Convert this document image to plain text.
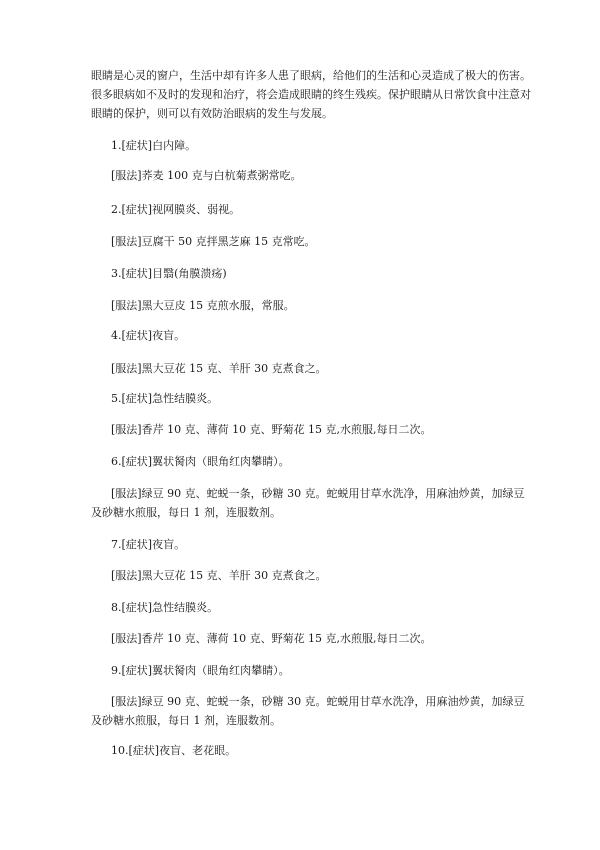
眼睛是心灵的窗户，生活中却有许多人患了眼病，给他们的生活和心灵造成了极大的伤害。很多眼病如不及时的发现和治疗，将会造成眼睛的终生残疾。保护眼睛从日常饮食中注意对眼睛的保护，则可以有效防治眼病的发生与发展。

1.[症状]白内障。

[服法]荞麦 100 克与白杭菊煮粥常吃。

2.[症状]视网膜炎、弱视。

[服法]豆腐干 50 克拌黑芝麻 15 克常吃。

3.[症状]目翳(角膜溃疡)

[服法]黑大豆皮 15 克煎水服，常服。

4.[症状]夜盲。

[服法]黑大豆花 15 克、羊肝 30 克煮食之。

5.[症状]急性结膜炎。

[服法]香芹 10 克、薄荷 10 克、野菊花 15 克,水煎服,每日二次。

6.[症状]翼状胬肉（眼角红肉攀睛）。

[服法]绿豆 90 克、蛇蜕一条，砂糖 30 克。蛇蜕用甘草水洗净，用麻油炒黄，加绿豆及砂糖水煎服，每日 1 剂，连服数剂。

7.[症状]夜盲。

[服法]黑大豆花 15 克、羊肝 30 克煮食之。

8.[症状]急性结膜炎。

[服法]香芹 10 克、薄荷 10 克、野菊花 15 克,水煎服,每日二次。

9.[症状]翼状胬肉（眼角红肉攀睛）。

[服法]绿豆 90 克、蛇蜕一条，砂糖 30 克。蛇蜕用甘草水洗净，用麻油炒黄，加绿豆及砂糖水煎服，每日 1 剂，连服数剂。

10.[症状]夜盲、老花眼。
